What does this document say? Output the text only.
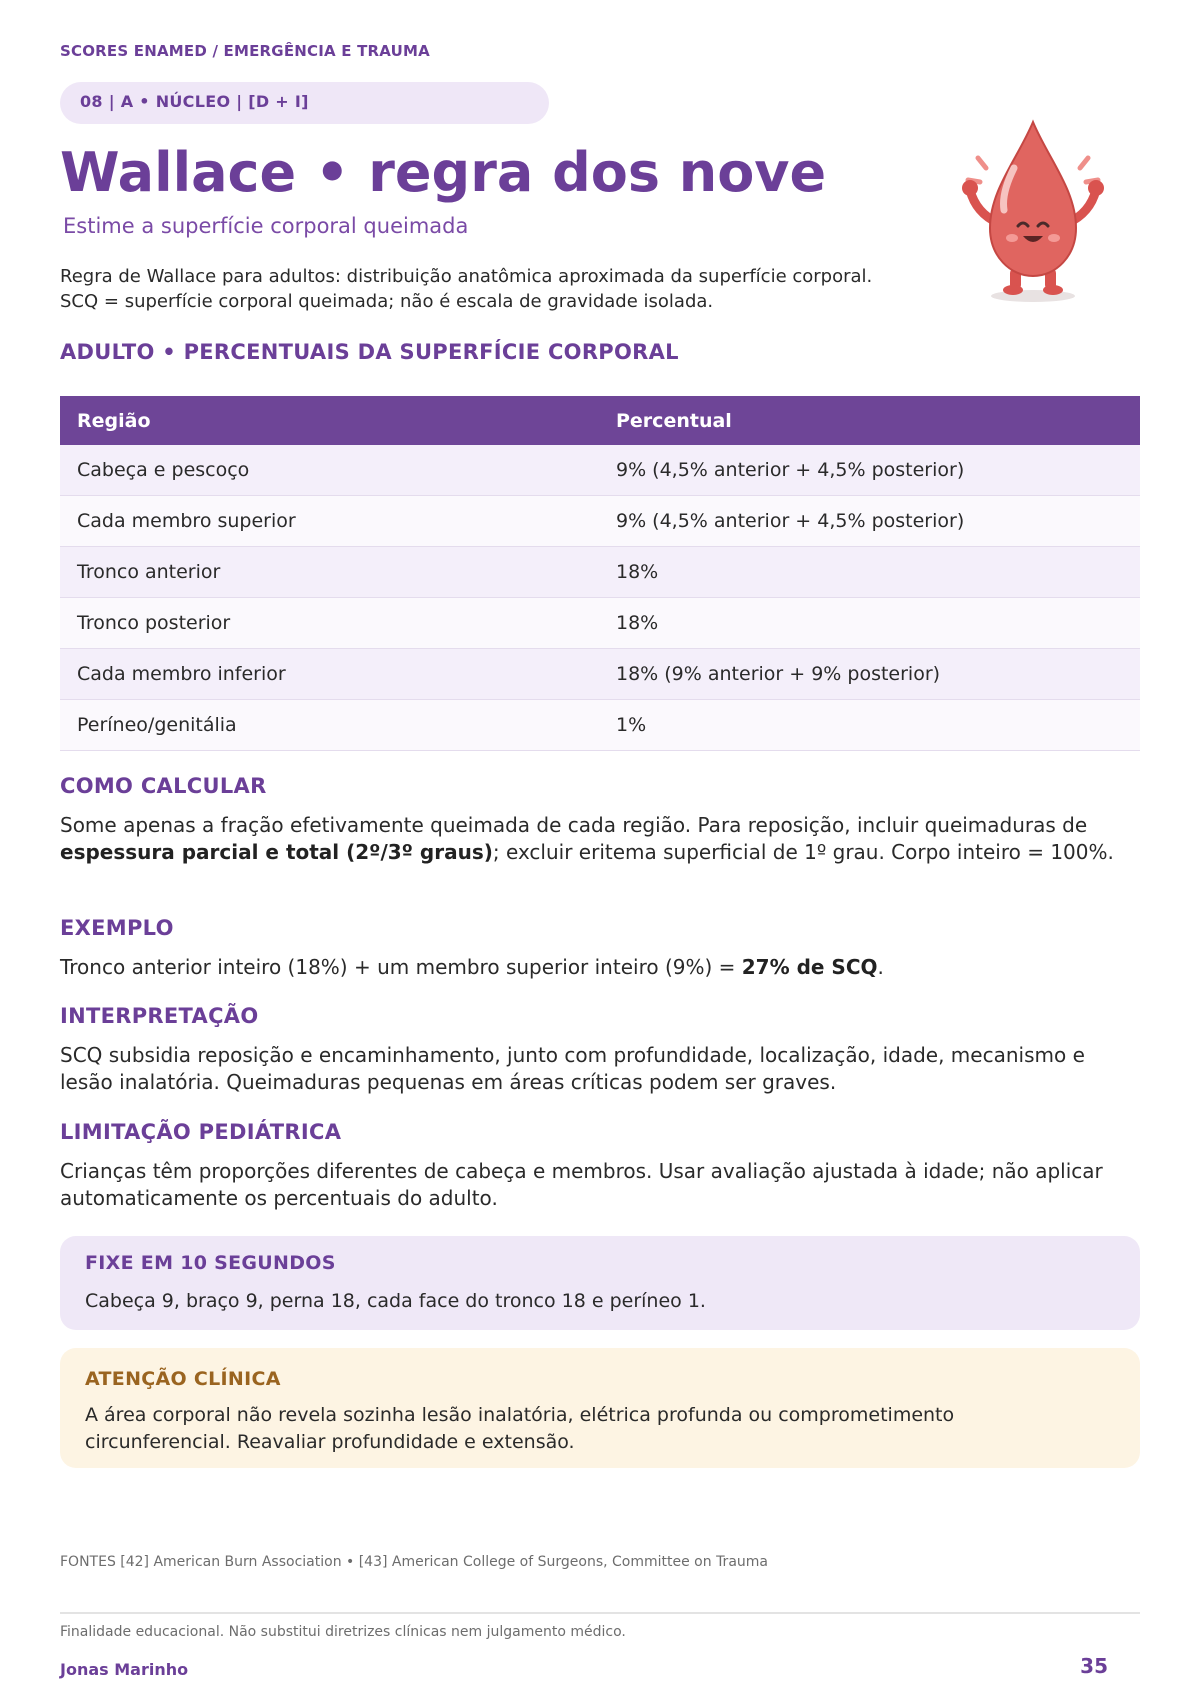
SCORES ENAMED / EMERGÊNCIA E TRAUMA
08 | A • NÚCLEO | [D + I]
Wallace • regra dos nove
Estime a superfície corporal queimada
Regra de Wallace para adultos: distribuição anatômica aproximada da superfície corporal.
SCQ = superfície corporal queimada; não é escala de gravidade isolada.
ADULTO • PERCENTUAIS DA SUPERFÍCIE CORPORAL
Região	Percentual
Cabeça e pescoço	9% (4,5% anterior + 4,5% posterior)
Cada membro superior	9% (4,5% anterior + 4,5% posterior)
Tronco anterior	18%
Tronco posterior	18%
Cada membro inferior	18% (9% anterior + 9% posterior)
Períneo/genitália	1%
COMO CALCULAR

Some apenas a fração efetivamente queimada de cada região. Para reposição, incluir queimaduras de espessura parcial e total (2º/3º graus); excluir eritema superficial de 1º grau. Corpo inteiro = 100%.

EXEMPLO

Tronco anterior inteiro (18%) + um membro superior inteiro (9%) = 27% de SCQ.

INTERPRETAÇÃO

SCQ subsidia reposição e encaminhamento, junto com profundidade, localização, idade, mecanismo e lesão inalatória. Queimaduras pequenas em áreas críticas podem ser graves.

LIMITAÇÃO PEDIÁTRICA

Crianças têm proporções diferentes de cabeça e membros. Usar avaliação ajustada à idade; não aplicar automaticamente os percentuais do adulto.

FIXE EM 10 SEGUNDOS
Cabeça 9, braço 9, perna 18, cada face do tronco 18 e períneo 1.
ATENÇÃO CLÍNICA
A área corporal não revela sozinha lesão inalatória, elétrica profunda ou comprometimento
circunferencial. Reavaliar profundidade e extensão.
FONTES [42] American Burn Association • [43] American College of Surgeons, Committee on Trauma
Finalidade educacional. Não substitui diretrizes clínicas nem julgamento médico.
Jonas Marinho	35
